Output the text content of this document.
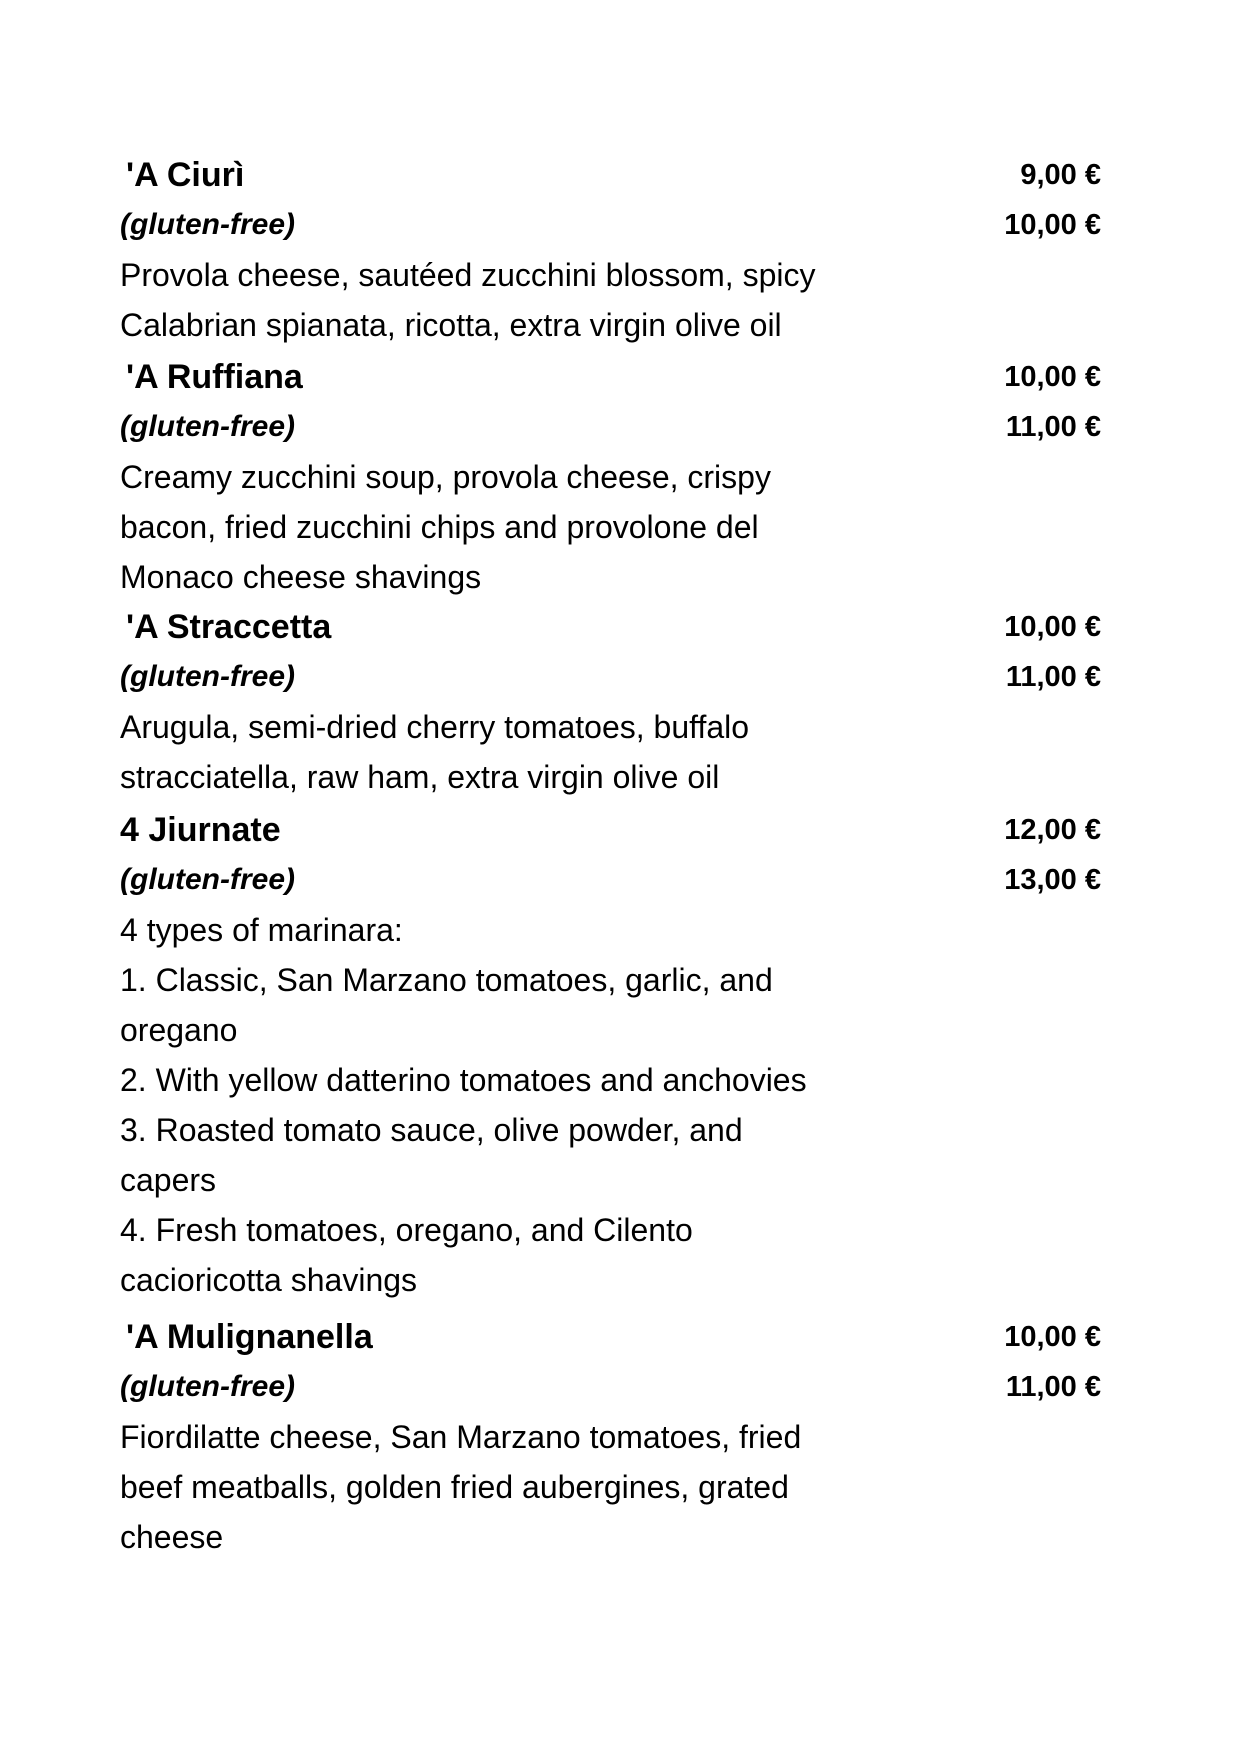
'A Ciurì	9,00 €
(gluten-free)	10,00 €
Provola cheese, sautéed zucchini blossom, spicy
Calabrian spianata, ricotta, extra virgin olive oil
'A Ruffiana	10,00 €
(gluten-free)	11,00 €
Creamy zucchini soup, provola cheese, crispy
bacon, fried zucchini chips and provolone del
Monaco cheese shavings
'A Straccetta	10,00 €
(gluten-free)	11,00 €
Arugula, semi-dried cherry tomatoes, buffalo
stracciatella, raw ham, extra virgin olive oil
4 Jiurnate	12,00 €
(gluten-free)	13,00 €
4 types of marinara:
1. Classic, San Marzano tomatoes, garlic, and
oregano
2. With yellow datterino tomatoes and anchovies
3. Roasted tomato sauce, olive powder, and
capers
4. Fresh tomatoes, oregano, and Cilento
cacioricotta shavings
'A Mulignanella	10,00 €
(gluten-free)	11,00 €
Fiordilatte cheese, San Marzano tomatoes, fried
beef meatballs, golden fried aubergines, grated
cheese
